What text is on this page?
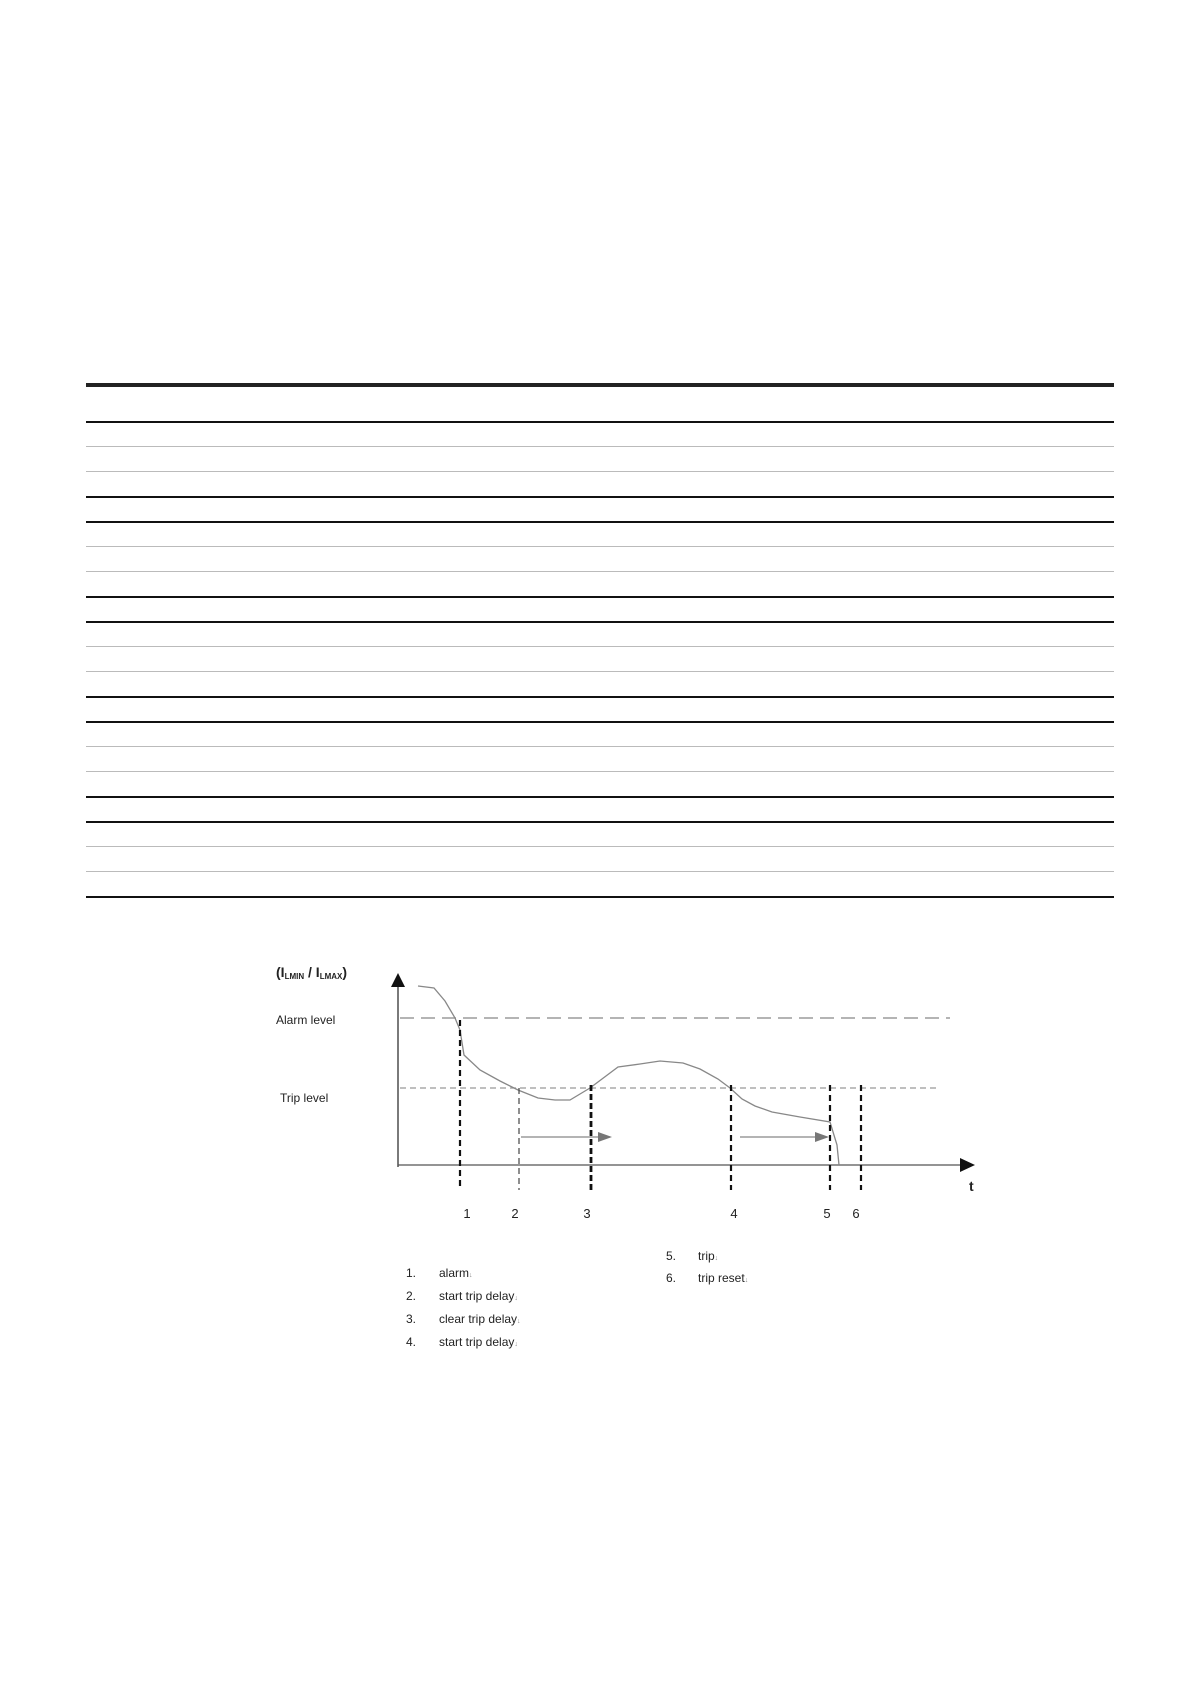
(ILMIN / ILMAX)
Alarm level
Trip level
t
1	2	3	4	5 6
1. alarm↓
2. start trip delay↓
3. clear trip delay↓
4. start trip delay↓
5. trip↓
6. trip reset↓
